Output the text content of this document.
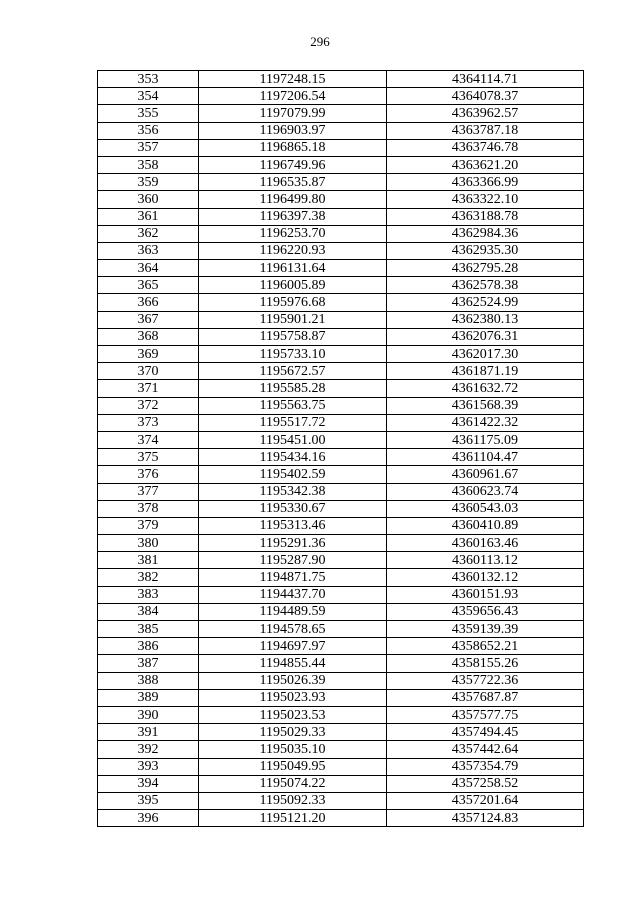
296
353	1197248.15	4364114.71
354	1197206.54	4364078.37
355	1197079.99	4363962.57
356	1196903.97	4363787.18
357	1196865.18	4363746.78
358	1196749.96	4363621.20
359	1196535.87	4363366.99
360	1196499.80	4363322.10
361	1196397.38	4363188.78
362	1196253.70	4362984.36
363	1196220.93	4362935.30
364	1196131.64	4362795.28
365	1196005.89	4362578.38
366	1195976.68	4362524.99
367	1195901.21	4362380.13
368	1195758.87	4362076.31
369	1195733.10	4362017.30
370	1195672.57	4361871.19
371	1195585.28	4361632.72
372	1195563.75	4361568.39
373	1195517.72	4361422.32
374	1195451.00	4361175.09
375	1195434.16	4361104.47
376	1195402.59	4360961.67
377	1195342.38	4360623.74
378	1195330.67	4360543.03
379	1195313.46	4360410.89
380	1195291.36	4360163.46
381	1195287.90	4360113.12
382	1194871.75	4360132.12
383	1194437.70	4360151.93
384	1194489.59	4359656.43
385	1194578.65	4359139.39
386	1194697.97	4358652.21
387	1194855.44	4358155.26
388	1195026.39	4357722.36
389	1195023.93	4357687.87
390	1195023.53	4357577.75
391	1195029.33	4357494.45
392	1195035.10	4357442.64
393	1195049.95	4357354.79
394	1195074.22	4357258.52
395	1195092.33	4357201.64
396	1195121.20	4357124.83
